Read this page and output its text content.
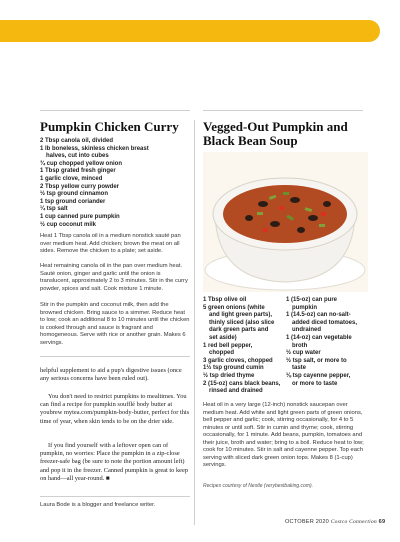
Pumpkin Chicken Curry
2 Tbsp canola oil, divided
1 lb boneless, skinless chicken breast
halves, cut into cubes
¾ cup chopped yellow onion
1 Tbsp grated fresh ginger
1 garlic clove, minced
2 Tbsp yellow curry powder
½ tsp ground cinnamon
1 tsp ground coriander
¼ tsp salt
1 cup canned pure pumpkin
½ cup coconut milk

Heat 1 Tbsp canola oil in a medium nonstick sauté pan over medium heat. Add chicken; brown the meat on all sides. Remove the chicken to a plate; set aside.

Heat remaining canola oil in the pan over medium heat. Sauté onion, ginger and garlic until the onion is translucent, approximately 2 to 3 minutes. Stir in the curry powder, spices and salt. Cook mixture 1 minute.

Stir in the pumpkin and coconut milk, then add the browned chicken. Bring sauce to a simmer. Reduce heat to low; cook an additional 8 to 10 minutes until the chicken is cooked through and sauce is fragrant and homogeneous. Serve with rice or another grain. Makes 6 servings.

helpful supplement to aid a pup's digestive issues (once any serious concerns have been ruled out).

You don't need to restrict pumpkins to mealtimes. You can find a recipe for pumpkin soufflé body butter at youbrew mytea.com/pumpkin-body-butter, perfect for this time of year, when skin tends to be on the drier side.

If you find yourself with a leftover open can of pumpkin, no worries: Place the pumpkin in a zip-close freezer-safe bag (be sure to note the portion amount left) and pop it in the freezer. Canned pumpkin is great to keep on hand—all year-round. ■

Laura Bode is a blogger and freelance writer.

Vegged-Out Pumpkin and Black Bean Soup
1 Tbsp olive oil
5 green onions (white
and light green parts),
thinly sliced (also slice
dark green parts and
set aside)
1 red bell pepper,
chopped
3 garlic cloves, chopped
1½ tsp ground cumin
½ tsp dried thyme
2 (15-oz) cans black beans,
rinsed and drained
1 (15-oz) can pure
pumpkin
1 (14.5-oz) can no-salt-
added diced tomatoes,
undrained
1 (14-oz) can vegetable
broth
½ cup water
½ tsp salt, or more to
taste
⅛ tsp cayenne pepper,
or more to taste

Heat oil in a very large (12-inch) nonstick saucepan over medium heat. Add white and light green parts of green onions, bell pepper and garlic; cook, stirring occasionally, for 4 to 5 minutes or until soft. Stir in cumin and thyme; cook, stirring occasionally, for 1 minute. Add beans, pumpkin, tomatoes and their juice, broth and water; bring to a boil. Reduce heat to low; cook for 10 minutes. Stir in salt and cayenne pepper. Top each serving with sliced dark green onion tops. Makes 8 (1-cup) servings.

Recipes courtesy of Nestle (verybestbaking.com).

OCTOBER 2020 Costco Connection 69
